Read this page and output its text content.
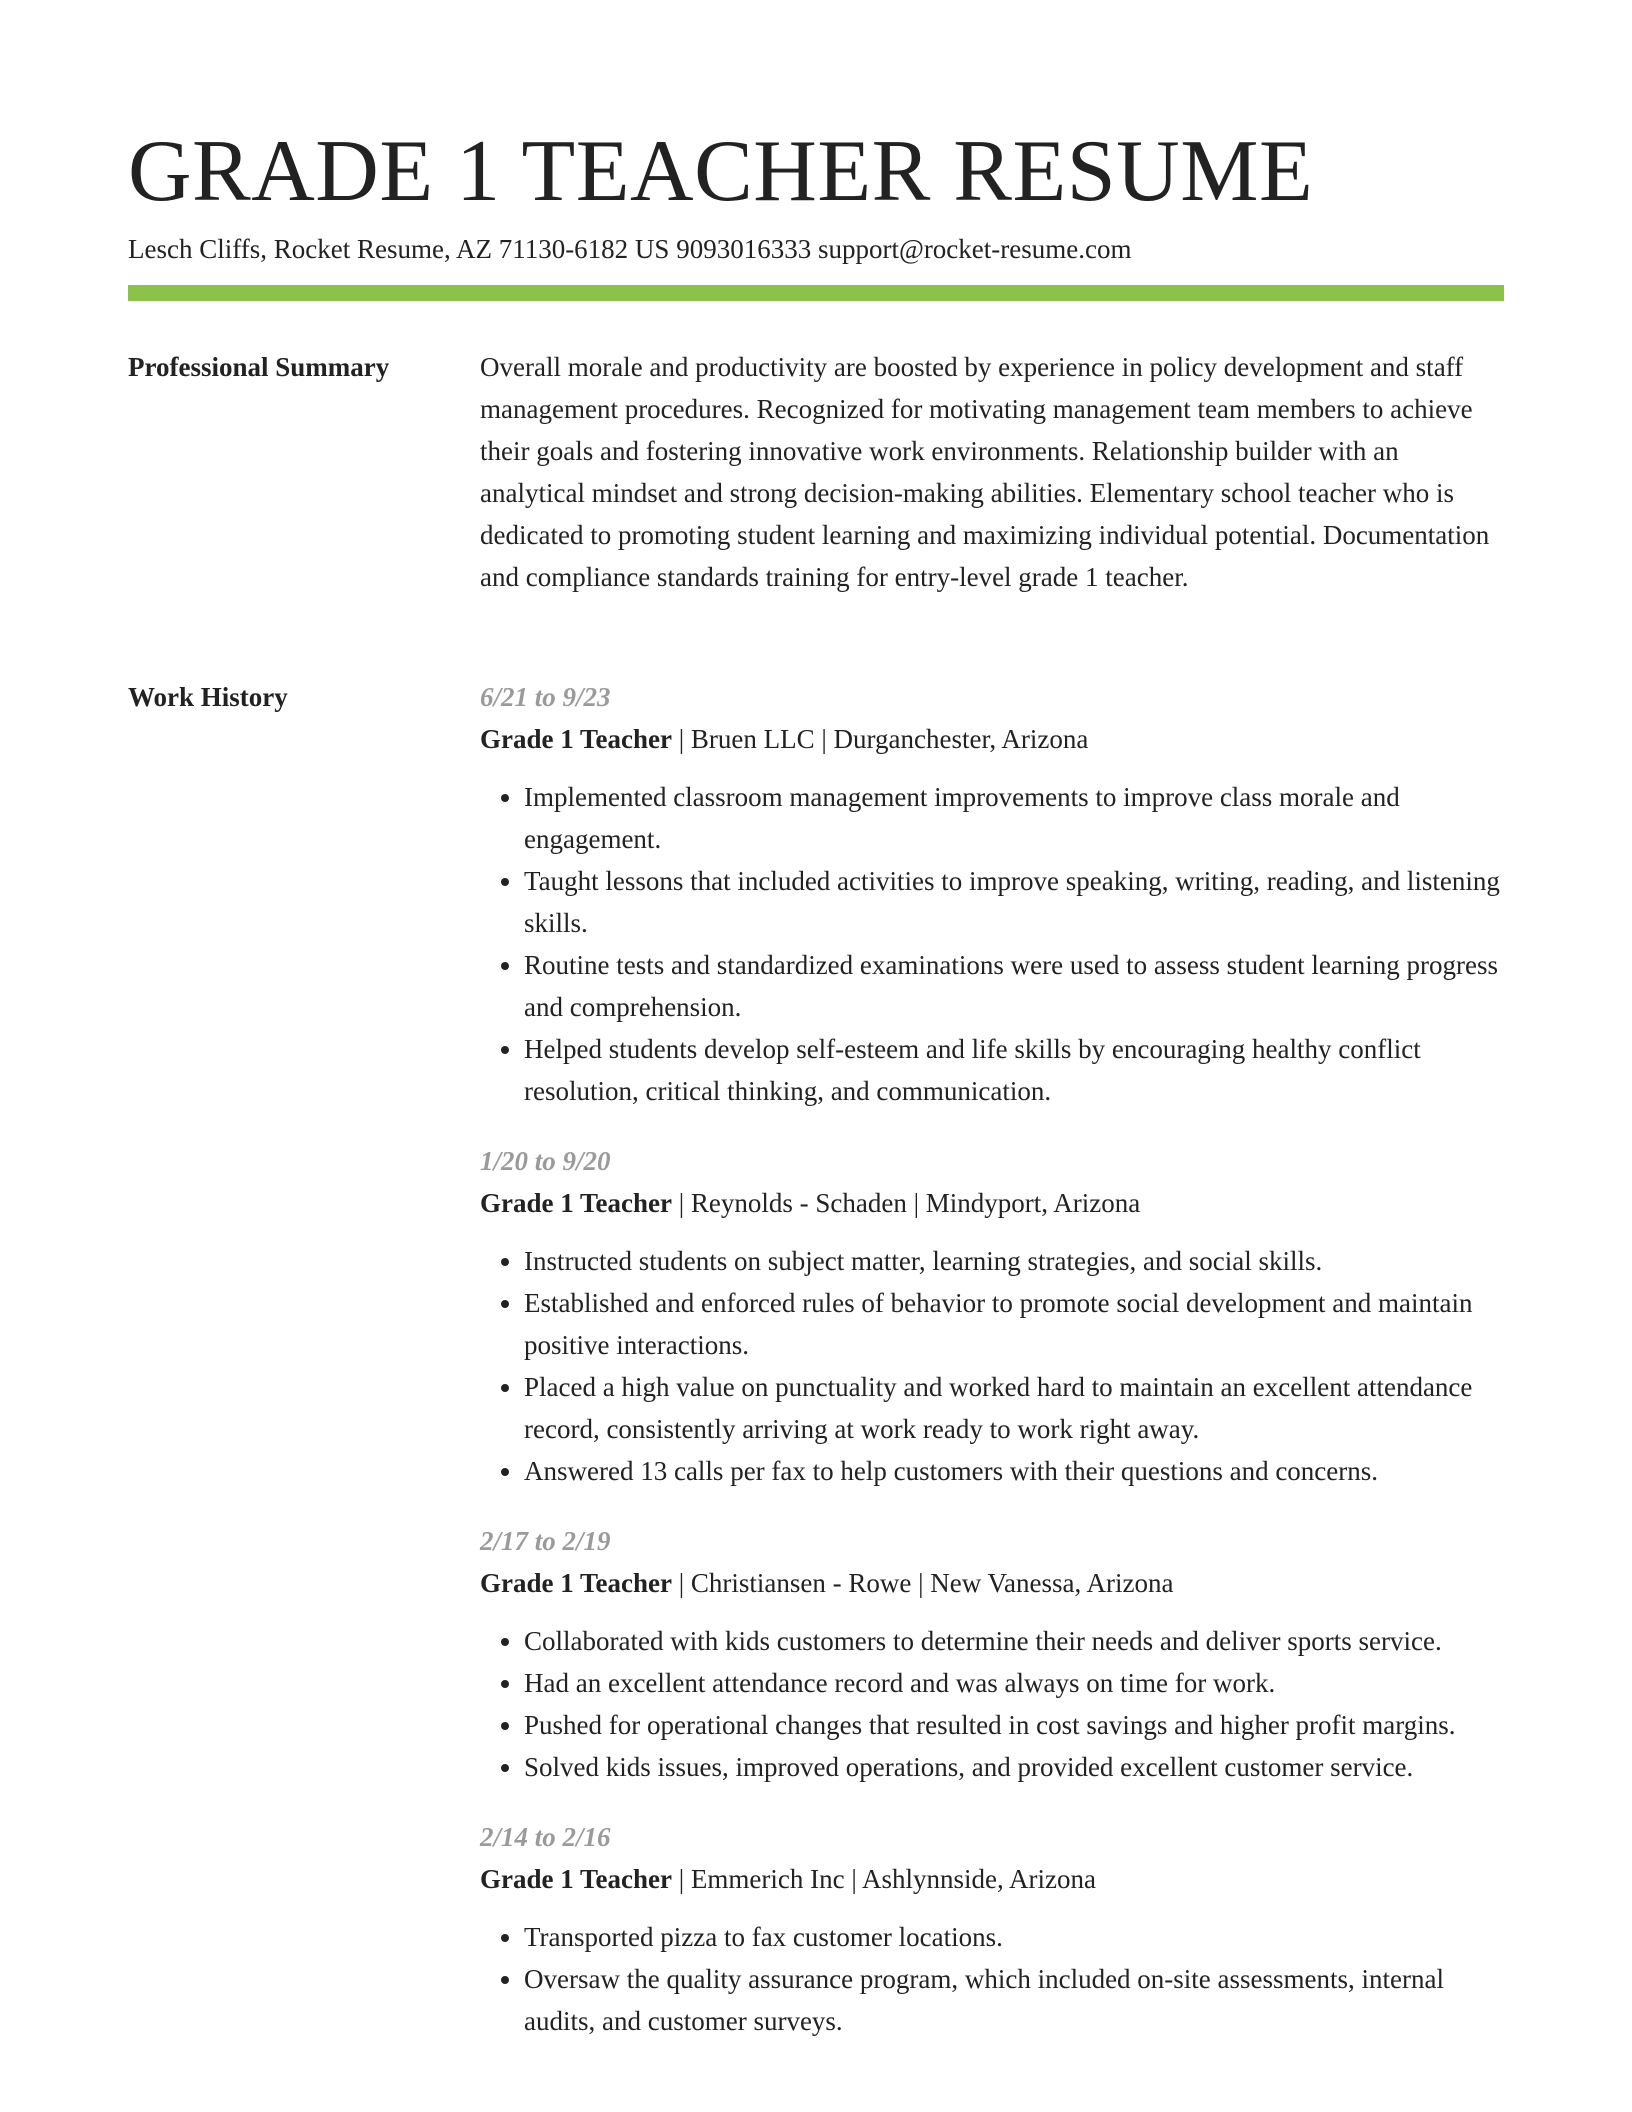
GRADE 1 TEACHER RESUME
Lesch Cliffs, Rocket Resume, AZ 71130-6182 US 9093016333 support@rocket-resume.com
Professional Summary	Overall morale and productivity are boosted by experience in policy development and staff management procedures. Recognized for motivating management team members to achieve their goals and fostering innovative work environments. Relationship builder with an analytical mindset and strong decision-making abilities. Elementary school teacher who is dedicated to promoting student learning and maximizing individual potential. Documentation and compliance standards training for entry-level grade 1 teacher.

Work History	6/21 to 9/23
Grade 1 Teacher | Bruen LLC | Durganchester, Arizona
• Implemented classroom management improvements to improve class morale and engagement.
• Taught lessons that included activities to improve speaking, writing, reading, and listening skills.
• Routine tests and standardized examinations were used to assess student learning progress and comprehension.
• Helped students develop self-esteem and life skills by encouraging healthy conflict resolution, critical thinking, and communication.
1/20 to 9/20
Grade 1 Teacher | Reynolds - Schaden | Mindyport, Arizona
• Instructed students on subject matter, learning strategies, and social skills.
• Established and enforced rules of behavior to promote social development and maintain positive interactions.
• Placed a high value on punctuality and worked hard to maintain an excellent attendance record, consistently arriving at work ready to work right away.
• Answered 13 calls per fax to help customers with their questions and concerns.
2/17 to 2/19
Grade 1 Teacher | Christiansen - Rowe | New Vanessa, Arizona
• Collaborated with kids customers to determine their needs and deliver sports service.
• Had an excellent attendance record and was always on time for work.
• Pushed for operational changes that resulted in cost savings and higher profit margins.
• Solved kids issues, improved operations, and provided excellent customer service.
2/14 to 2/16
Grade 1 Teacher | Emmerich Inc | Ashlynnside, Arizona
• Transported pizza to fax customer locations.
• Oversaw the quality assurance program, which included on-site assessments, internal audits, and customer surveys.
